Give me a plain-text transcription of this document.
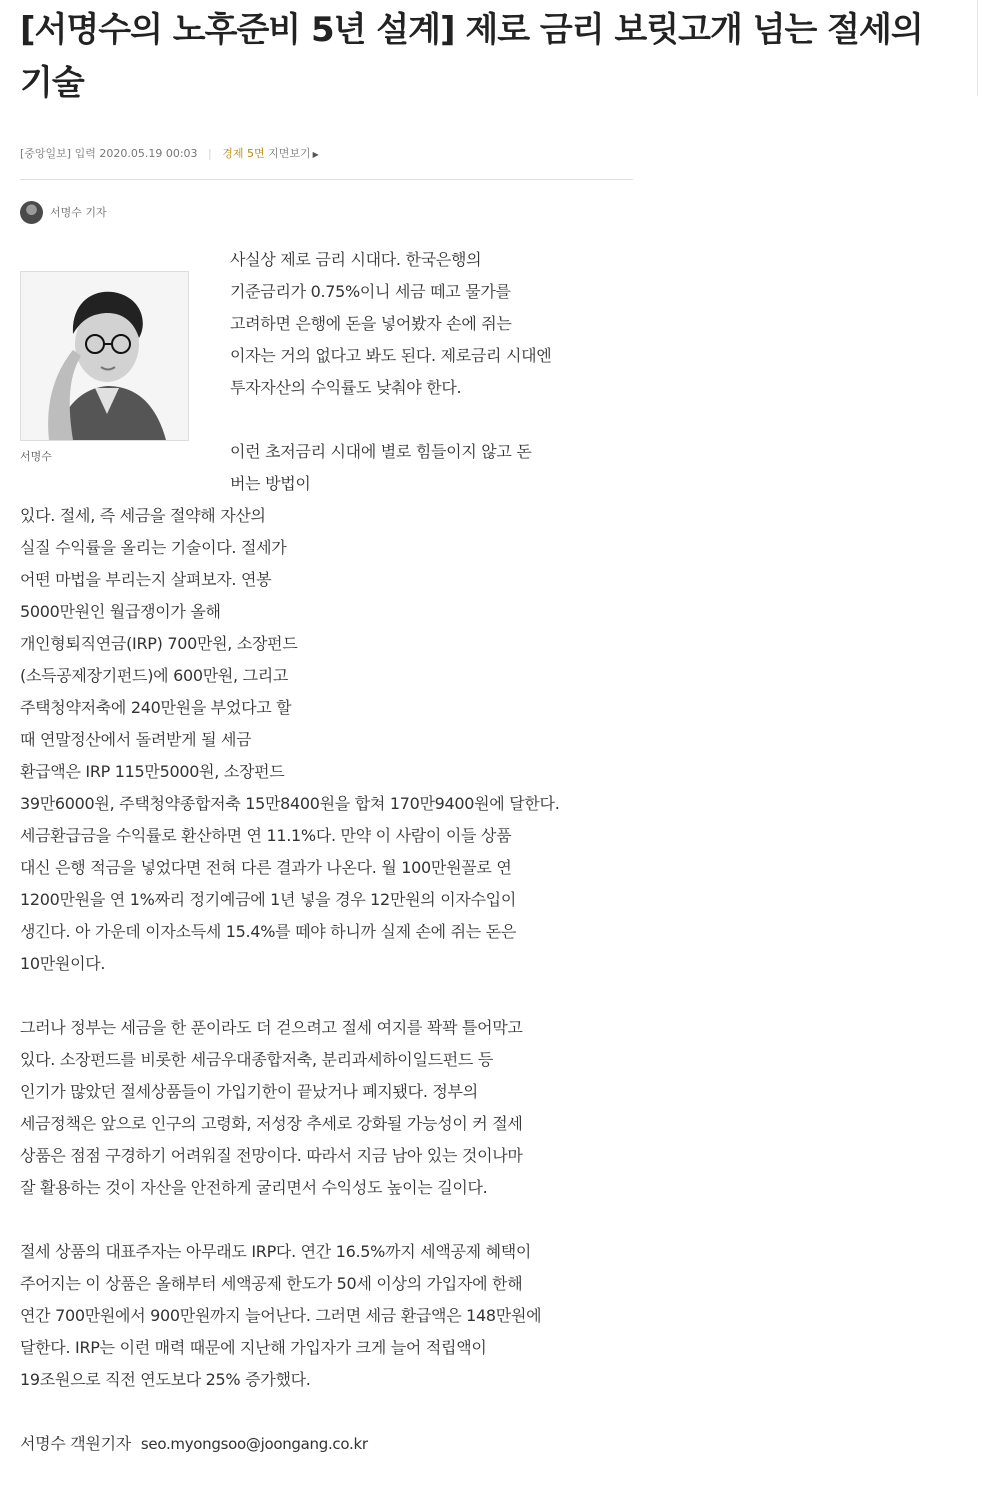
[서명수의 노후준비 5년 설계] 제로 금리 보릿고개 넘는 절세의 기술
[중앙일보] 입력 2020.05.19 00:03 | 경제 5면 지면보기 ▶
서명수 기자
서명수
사실상 제로 금리 시대다. 한국은행의
기준금리가 0.75%이니 세금 떼고 물가를
고려하면 은행에 돈을 넣어봤자 손에 쥐는
이자는 거의 없다고 봐도 된다. 제로금리 시대엔
투자자산의 수익률도 낮춰야 한다.
이런 초저금리 시대에 별로 힘들이지 않고 돈
버는 방법이
있다. 절세, 즉 세금을 절약해 자산의
실질 수익률을 올리는 기술이다. 절세가
어떤 마법을 부리는지 살펴보자. 연봉
5000만원인 월급쟁이가 올해
개인형퇴직연금(IRP) 700만원, 소장펀드
(소득공제장기펀드)에 600만원, 그리고
주택청약저축에 240만원을 부었다고 할
때 연말정산에서 돌려받게 될 세금
환급액은 IRP 115만5000원, 소장펀드
39만6000원, 주택청약종합저축 15만8400원을 합쳐 170만9400원에 달한다.
세금환급금을 수익률로 환산하면 연 11.1%다. 만약 이 사람이 이들 상품
대신 은행 적금을 넣었다면 전혀 다른 결과가 나온다. 월 100만원꼴로 연
1200만원을 연 1%짜리 정기예금에 1년 넣을 경우 12만원의 이자수입이
생긴다. 아 가운데 이자소득세 15.4%를 떼야 하니까 실제 손에 쥐는 돈은
10만원이다.
그러나 정부는 세금을 한 푼이라도 더 걷으려고 절세 여지를 꽉꽉 틀어막고
있다. 소장펀드를 비롯한 세금우대종합저축, 분리과세하이일드펀드 등
인기가 많았던 절세상품들이 가입기한이 끝났거나 폐지됐다. 정부의
세금정책은 앞으로 인구의 고령화, 저성장 추세로 강화될 가능성이 커 절세
상품은 점점 구경하기 어려워질 전망이다. 따라서 지금 남아 있는 것이나마
잘 활용하는 것이 자산을 안전하게 굴리면서 수익성도 높이는 길이다.
절세 상품의 대표주자는 아무래도 IRP다. 연간 16.5%까지 세액공제 혜택이
주어지는 이 상품은 올해부터 세액공제 한도가 50세 이상의 가입자에 한해
연간 700만원에서 900만원까지 늘어난다. 그러면 세금 환급액은 148만원에
달한다. IRP는 이런 매력 때문에 지난해 가입자가 크게 늘어 적립액이
19조원으로 직전 연도보다 25% 증가했다.
서명수 객원기자 seo.myongsoo@joongang.co.kr
